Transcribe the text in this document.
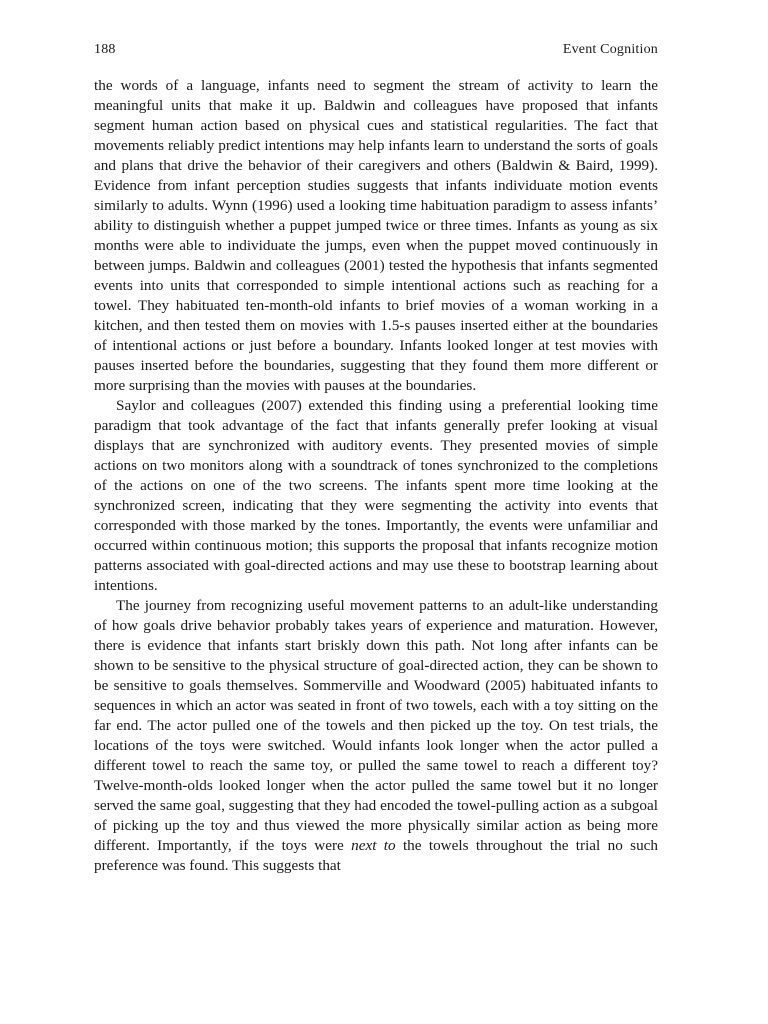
188	Event Cognition

the words of a language, infants need to segment the stream of activity to learn the meaningful units that make it up. Baldwin and colleagues have proposed that infants segment human action based on physical cues and statistical regularities. The fact that movements reliably predict intentions may help infants learn to understand the sorts of goals and plans that drive the behavior of their caregivers and others (Baldwin & Baird, 1999). Evidence from infant perception studies suggests that infants individuate motion events similarly to adults. Wynn (1996) used a looking time habituation paradigm to assess infants’ ability to distinguish whether a puppet jumped twice or three times. Infants as young as six months were able to individuate the jumps, even when the puppet moved continuously in between jumps. Baldwin and colleagues (2001) tested the hypothesis that infants segmented events into units that corresponded to simple intentional actions such as reaching for a towel. They habituated ten-month-old infants to brief movies of a woman working in a kitchen, and then tested them on movies with 1.5-s pauses inserted either at the boundaries of intentional actions or just before a boundary. Infants looked longer at test movies with pauses inserted before the boundaries, suggesting that they found them more different or more surprising than the movies with pauses at the boundaries.

Saylor and colleagues (2007) extended this finding using a preferential looking time paradigm that took advantage of the fact that infants generally prefer looking at visual displays that are synchronized with auditory events. They presented movies of simple actions on two monitors along with a soundtrack of tones synchronized to the completions of the actions on one of the two screens. The infants spent more time looking at the synchronized screen, indicating that they were segmenting the activity into events that corresponded with those marked by the tones. Importantly, the events were unfamiliar and occurred within continuous motion; this supports the proposal that infants recognize motion patterns associated with goal-directed actions and may use these to bootstrap learning about intentions.

The journey from recognizing useful movement patterns to an adult-like understanding of how goals drive behavior probably takes years of experience and maturation. However, there is evidence that infants start briskly down this path. Not long after infants can be shown to be sensitive to the physical structure of goal-directed action, they can be shown to be sensitive to goals themselves. Sommerville and Woodward (2005) habituated infants to sequences in which an actor was seated in front of two towels, each with a toy sitting on the far end. The actor pulled one of the towels and then picked up the toy. On test trials, the locations of the toys were switched. Would infants look longer when the actor pulled a different towel to reach the same toy, or pulled the same towel to reach a different toy? Twelve-month-olds looked longer when the actor pulled the same towel but it no longer served the same goal, suggesting that they had encoded the towel-pulling action as a subgoal of picking up the toy and thus viewed the more physically similar action as being more different. Importantly, if the toys were next to the towels throughout the trial no such preference was found. This suggests that
